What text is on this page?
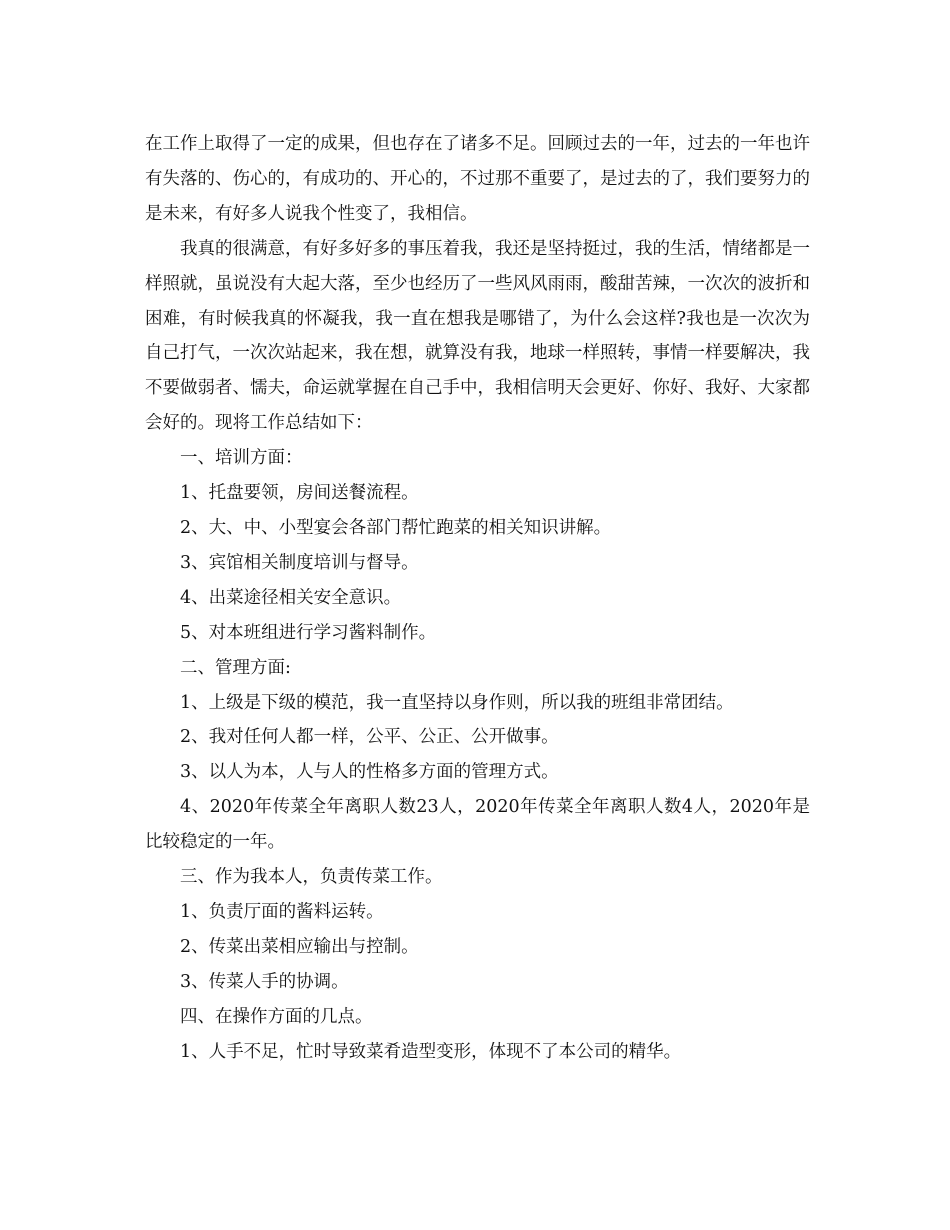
在工作上取得了一定的成果，但也存在了诸多不足。回顾过去的一年，过去的一年也许有失落的、伤心的，有成功的、开心的，不过那不重要了，是过去的了，我们要努力的是未来，有好多人说我个性变了，我相信。

我真的很满意，有好多好多的事压着我，我还是坚持挺过，我的生活，情绪都是一样照就，虽说没有大起大落，至少也经历了一些风风雨雨，酸甜苦辣，一次次的波折和困难，有时候我真的怀凝我，我一直在想我是哪错了，为什么会这样?我也是一次次为自己打气，一次次站起来，我在想，就算没有我，地球一样照转，事情一样要解决，我不要做弱者、懦夫，命运就掌握在自己手中，我相信明天会更好、你好、我好、大家都会好的。现将工作总结如下：

一、培训方面：

1、托盘要领，房间送餐流程。

2、大、中、小型宴会各部门帮忙跑菜的相关知识讲解。

3、宾馆相关制度培训与督导。

4、出菜途径相关安全意识。

5、对本班组进行学习酱料制作。

二、管理方面:

1、上级是下级的模范，我一直坚持以身作则，所以我的班组非常团结。

2、我对任何人都一样，公平、公正、公开做事。

3、以人为本，人与人的性格多方面的管理方式。

4、2020年传菜全年离职人数23人，2020年传菜全年离职人数4人，2020年是比较稳定的一年。

三、作为我本人，负责传菜工作。

1、负责厅面的酱料运转。

2、传菜出菜相应输出与控制。

3、传菜人手的协调。

四、在操作方面的几点。

1、人手不足，忙时导致菜肴造型变形，体现不了本公司的精华。
